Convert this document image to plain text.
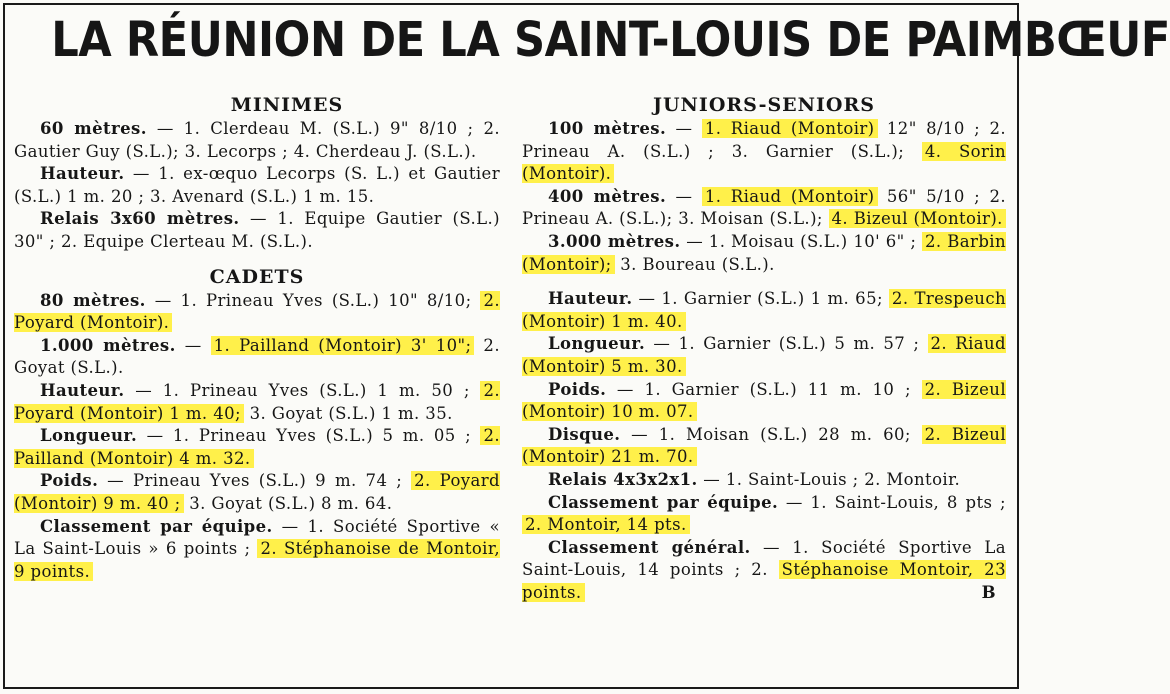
LA RÉUNION DE LA SAINT-LOUIS DE PAIMBŒUF
MINIMES

60 mètres. — 1. Clerdeau M. (S.L.) 9" 8/10 ; 2. Gautier Guy (S.L.); 3. Lecorps ; 4. Cherdeau J. (S.L.).

Hauteur. — 1. ex-œquo Lecorps (S. L.) et Gautier (S.L.) 1 m. 20 ; 3. Avenard (S.L.) 1 m. 15.

Relais 3x60 mètres. — 1. Equipe Gautier (S.L.) 30" ; 2. Equipe Clerteau M. (S.L.).

CADETS

80 mètres. — 1. Prineau Yves (S.L.) 10" 8/10; 2. Poyard (Montoir).

1.000 mètres. — 1. Pailland (Montoir) 3' 10"; 2. Goyat (S.L.).

Hauteur. — 1. Prineau Yves (S.L.) 1 m. 50 ; 2. Poyard (Montoir) 1 m. 40; 3. Goyat (S.L.) 1 m. 35.

Longueur. — 1. Prineau Yves (S.L.) 5 m. 05 ; 2. Pailland (Montoir) 4 m. 32.

Poids. — Prineau Yves (S.L.) 9 m. 74 ; 2. Poyard (Montoir) 9 m. 40 ; 3. Goyat (S.L.) 8 m. 64.

Classement par équipe. — 1. Société Sportive « La Saint-Louis » 6 points ; 2. Stéphanoise de Montoir, 9 points.

JUNIORS-SENIORS

100 mètres. — 1. Riaud (Montoir) 12" 8/10 ; 2. Prineau A. (S.L.) ; 3. Garnier (S.L.); 4. Sorin (Montoir).

400 mètres. — 1. Riaud (Montoir) 56" 5/10 ; 2. Prineau A. (S.L.); 3. Moisan (S.L.); 4. Bizeul (Montoir).

3.000 mètres. — 1. Moisau (S.L.) 10' 6" ; 2. Barbin (Montoir); 3. Boureau (S.L.).

Hauteur. — 1. Garnier (S.L.) 1 m. 65; 2. Trespeuch (Montoir) 1 m. 40.

Longueur. — 1. Garnier (S.L.) 5 m. 57 ; 2. Riaud (Montoir) 5 m. 30.

Poids. — 1. Garnier (S.L.) 11 m. 10 ; 2. Bizeul (Montoir) 10 m. 07.

Disque. — 1. Moisan (S.L.) 28 m. 60; 2. Bizeul (Montoir) 21 m. 70.

Relais 4x3x2x1. — 1. Saint-Louis ; 2. Montoir.

Classement par équipe. — 1. Saint-Louis, 8 pts ; 2. Montoir, 14 pts.

Classement général. — 1. Société Sportive La Saint-Louis, 14 points ; 2. Stéphanoise Montoir, 23 points.	B
